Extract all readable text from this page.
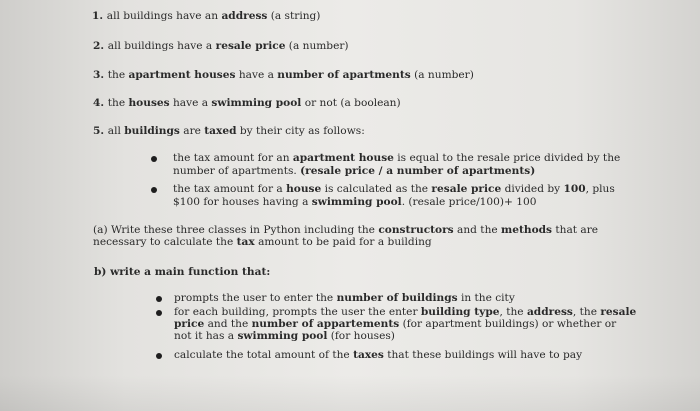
1. all buildings have an address (a string)
2. all buildings have a resale price (a number)
3. the apartment houses have a number of apartments (a number)
4. the houses have a swimming pool or not (a boolean)
5. all buildings are taxed by their city as follows:
the tax amount for an apartment house is equal to the resale price divided by the
number of apartments. (resale price / a number of apartments)
the tax amount for a house is calculated as the resale price divided by 100, plus
$100 for houses having a swimming pool. (resale price/100)+ 100
(a) Write these three classes in Python including the constructors and the methods that are
necessary to calculate the tax amount to be paid for a building
b) write a main function that:
prompts the user to enter the number of buildings in the city
for each building, prompts the user the enter building type, the address, the resale
price and the number of appartements (for apartment buildings) or whether or
not it has a swimming pool (for houses)
calculate the total amount of the taxes that these buildings will have to pay
